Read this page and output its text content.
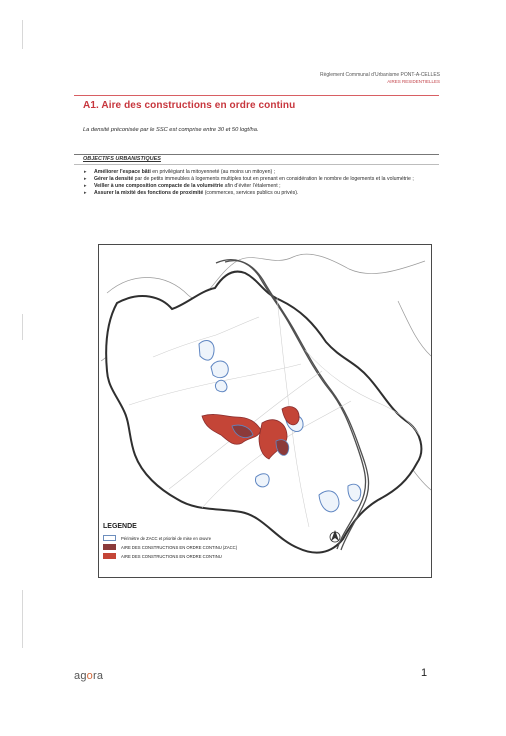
Règlement Communal d’Urbanisme PONT-A-CELLES
AIRES RESIDENTIELLES
A1. Aire des constructions en ordre continu
La densité préconisée par le SSC est comprise entre 30 et 50 logt/ha.
OBJECTIFS URBANISTIQUES
▸ Améliorer l’espace bâti en privilégiant la mitoyenneté (au moins un mitoyen) ;
▸ Gérer la densité par de petits immeubles à logements multiples tout en prenant en considération le nombre de logements et la volumétrie ;
▸ Veiller à une composition compacte de la volumétrie afin d’éviter l’étalement ;
▸ Assurer la mixité des fonctions de proximité (commerces, services publics ou privés).
LEGENDE
Périmètre de ZACC et priorité de mise en œuvre
AIRE DES CONSTRUCTIONS EN ORDRE CONTINU (ZACC)
AIRE DES CONSTRUCTIONS EN ORDRE CONTINU
agora	1
